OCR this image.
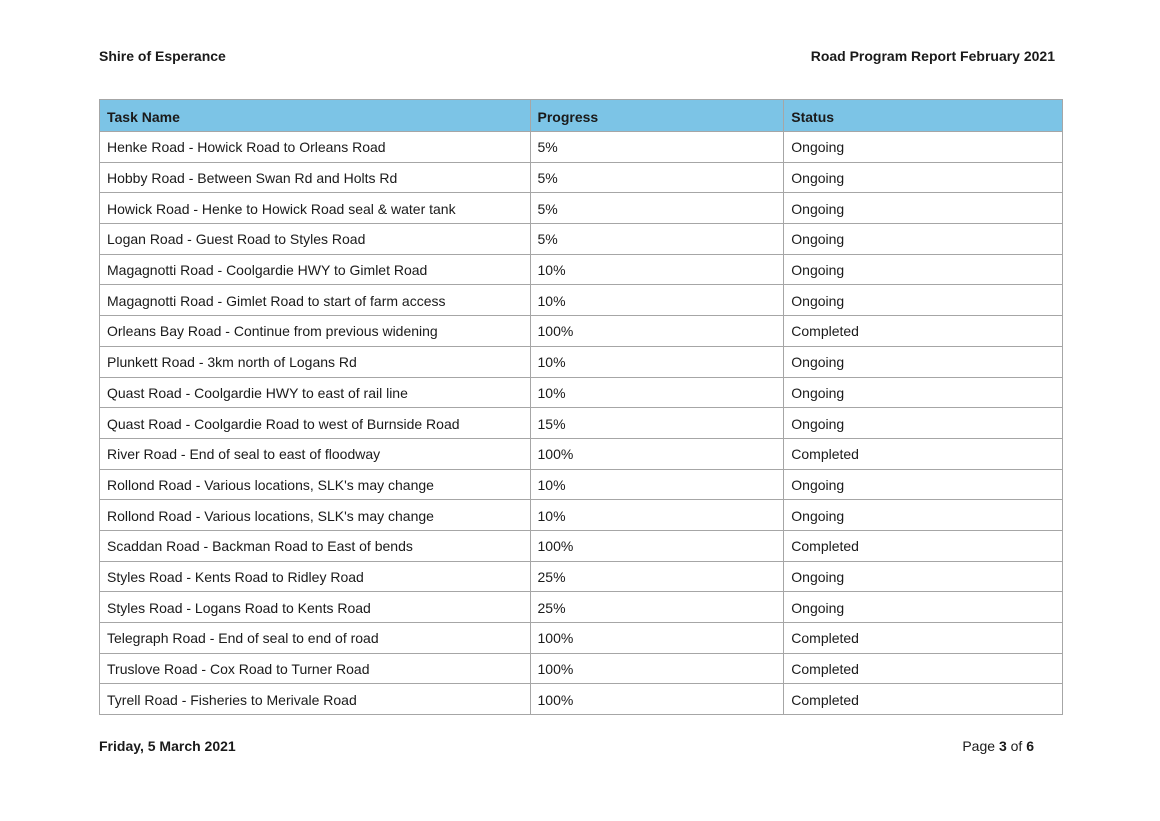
Shire of Esperance	Road Program Report February 2021
Task Name	Progress	Status
Henke Road - Howick Road to Orleans Road	5%	Ongoing
Hobby Road - Between Swan Rd and Holts Rd	5%	Ongoing
Howick Road - Henke to Howick Road seal & water tank	5%	Ongoing
Logan Road - Guest Road to Styles Road	5%	Ongoing
Magagnotti Road - Coolgardie HWY to Gimlet Road	10%	Ongoing
Magagnotti Road - Gimlet Road to start of farm access	10%	Ongoing
Orleans Bay Road - Continue from previous widening	100%	Completed
Plunkett Road - 3km north of Logans Rd	10%	Ongoing
Quast Road - Coolgardie HWY to east of rail line	10%	Ongoing
Quast Road - Coolgardie Road to west of Burnside Road	15%	Ongoing
River Road - End of seal to east of floodway	100%	Completed
Rollond Road - Various locations, SLK's may change	10%	Ongoing
Rollond Road - Various locations, SLK's may change	10%	Ongoing
Scaddan Road - Backman Road to East of bends	100%	Completed
Styles Road - Kents Road to Ridley Road	25%	Ongoing
Styles Road - Logans Road to Kents Road	25%	Ongoing
Telegraph Road - End of seal to end of road	100%	Completed
Truslove Road - Cox Road to Turner Road	100%	Completed
Tyrell Road - Fisheries to Merivale Road	100%	Completed
Friday, 5 March 2021	Page 3 of 6
